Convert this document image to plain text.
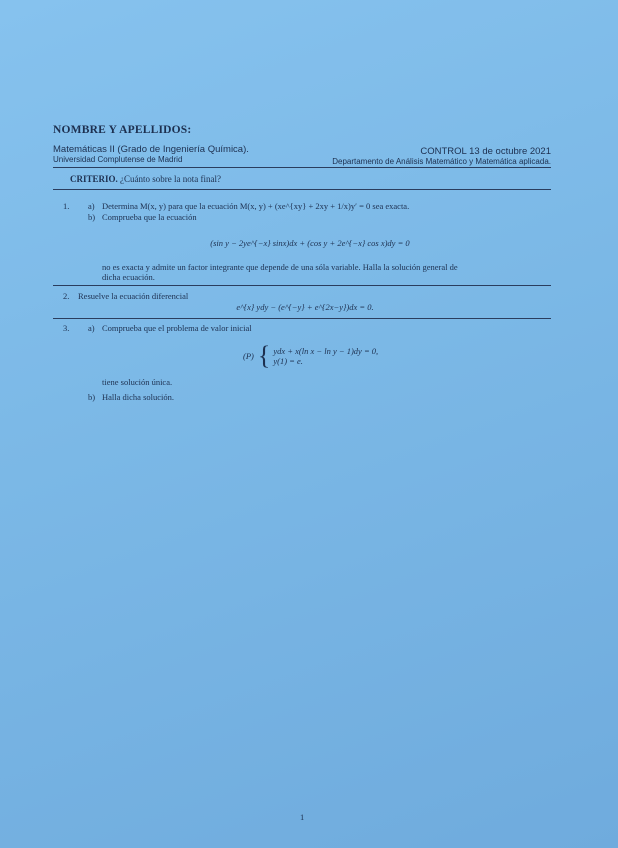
NOMBRE Y APELLIDOS:
Matemáticas II (Grado de Ingeniería Química).
Universidad Complutense de Madrid
CONTROL 13 de octubre 2021
Departamento de Análisis Matemático y Matemática aplicada.
CRITERIO. ¿Cuánto sobre la nota final?
1. a) Determina M(x, y) para que la ecuación M(x, y) + (xe^{xy} + 2xy + 1/x)y′ = 0 sea exacta.
b) Comprueba que la ecuación
(sin y − 2ye^{−x} sinx)dx + (cos y + 2e^{−x} cos x)dy = 0
no es exacta y admite un factor integrante que depende de una sóla variable. Halla la solución general de
dicha ecuación.
2. Resuelve la ecuación diferencial
e^{x} ydy − (e^{−y} + e^{2x−y})dx = 0.
3. a) Comprueba que el problema de valor inicial
(P) { ydx + x(ln x − ln y − 1)dy = 0,
y(1) = e.
tiene solución única.
b) Halla dicha solución.
1
